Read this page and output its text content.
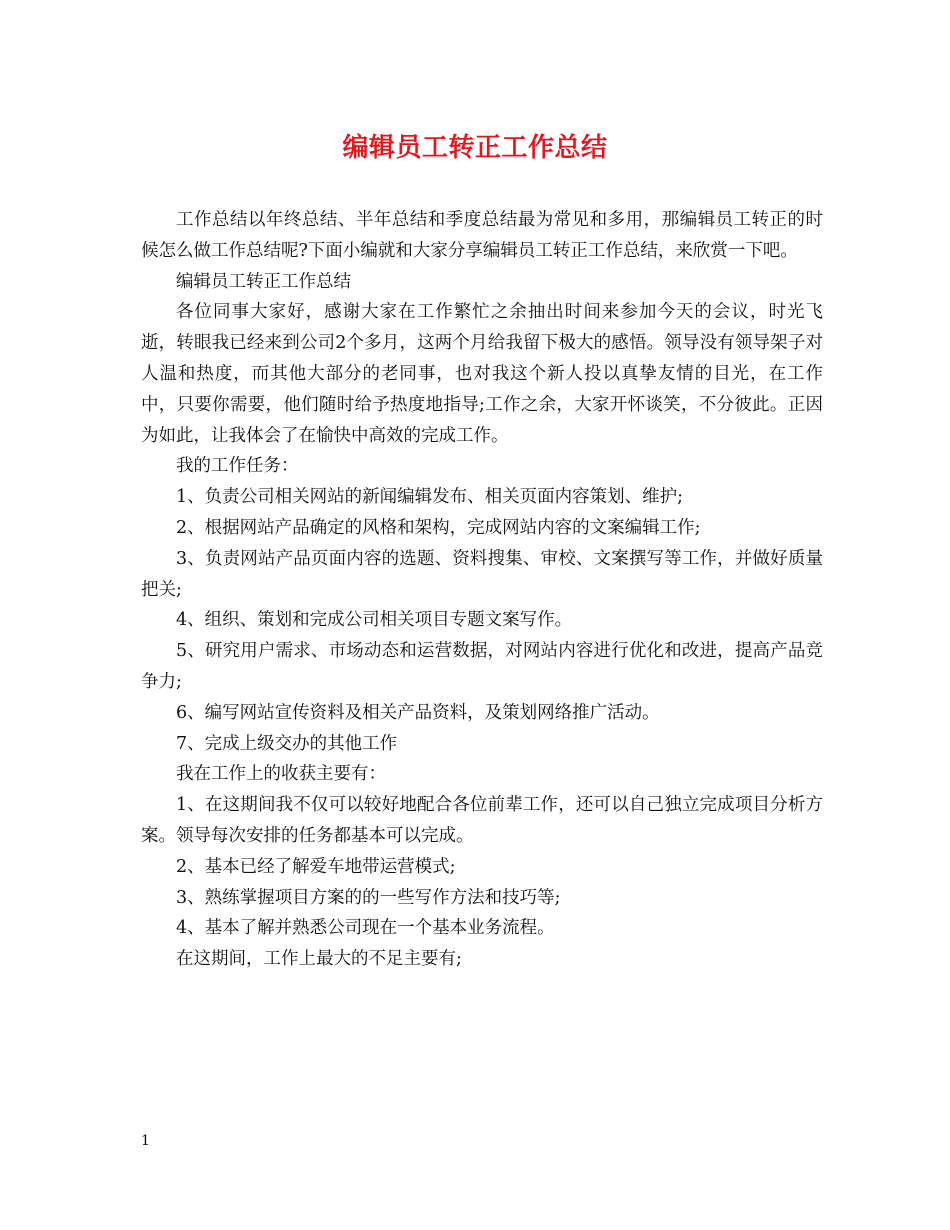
编辑员工转正工作总结

工作总结以年终总结、半年总结和季度总结最为常见和多用，那编辑员工转正的时候怎么做工作总结呢?下面小编就和大家分享编辑员工转正工作总结，来欣赏一下吧。

编辑员工转正工作总结

各位同事大家好，感谢大家在工作繁忙之余抽出时间来参加今天的会议，时光飞逝，转眼我已经来到公司2个多月，这两个月给我留下极大的感悟。领导没有领导架子对人温和热度，而其他大部分的老同事，也对我这个新人投以真挚友情的目光，在工作中，只要你需要，他们随时给予热度地指导;工作之余，大家开怀谈笑，不分彼此。正因为如此，让我体会了在愉快中高效的完成工作。

我的工作任务：

1、负责公司相关网站的新闻编辑发布、相关页面内容策划、维护;

2、根据网站产品确定的风格和架构，完成网站内容的文案编辑工作;

3、负责网站产品页面内容的选题、资料搜集、审校、文案撰写等工作，并做好质量把关;

4、组织、策划和完成公司相关项目专题文案写作。

5、研究用户需求、市场动态和运营数据，对网站内容进行优化和改进，提高产品竞争力;

6、编写网站宣传资料及相关产品资料，及策划网络推广活动。

7、完成上级交办的其他工作

我在工作上的收获主要有：

1、在这期间我不仅可以较好地配合各位前辈工作，还可以自己独立完成项目分析方案。领导每次安排的任务都基本可以完成。

2、基本已经了解爱车地带运营模式;

3、熟练掌握项目方案的的一些写作方法和技巧等;

4、基本了解并熟悉公司现在一个基本业务流程。

在这期间，工作上最大的不足主要有;

1
